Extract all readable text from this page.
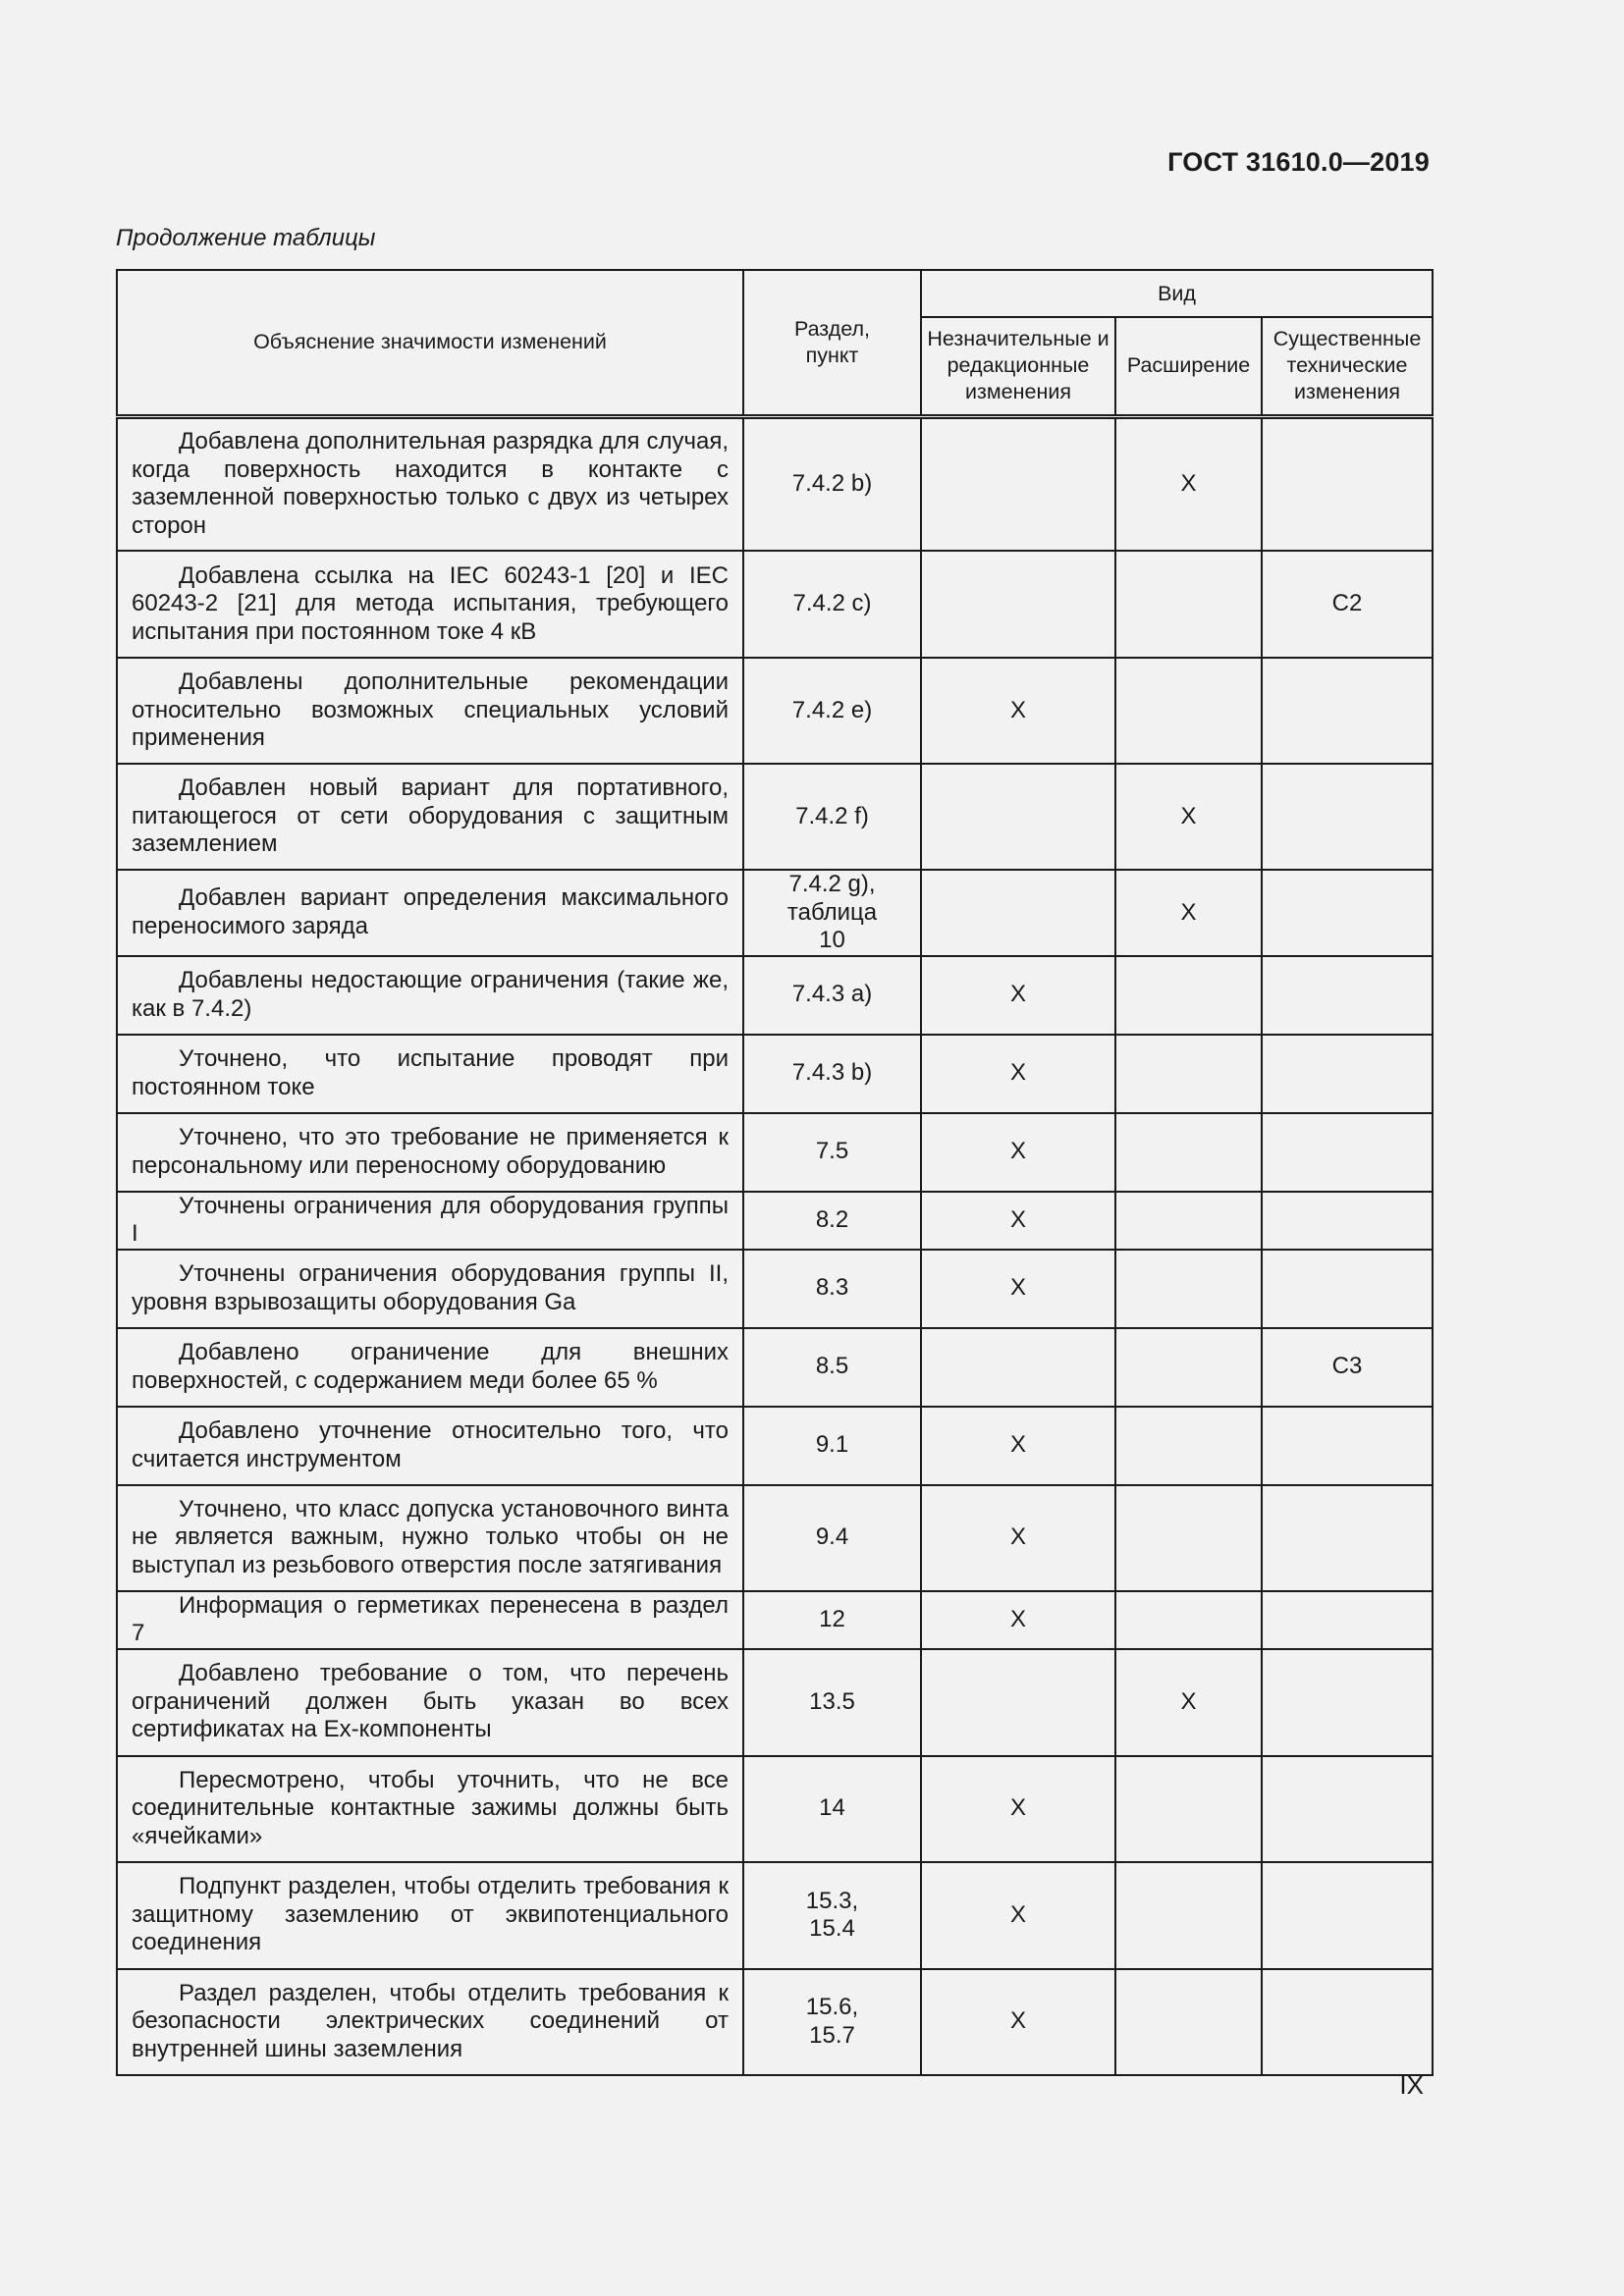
ГОСТ 31610.0—2019
Продолжение таблицы
Объяснение значимости изменений	Раздел, пункт	Вид		
		Незначительные и редакционные изменения	Расширение	Существенные технические изменения

Добавлена дополнительная разрядка для случая, когда поверхность находится в контакте с заземленной поверхностью только с двух из четырех сторон	7.4.2 b)		X	

Добавлена ссылка на IEC 60243-1 [20] и IEC 60243-2 [21] для метода испытания, требующего испытания при постоянном токе 4 кВ	7.4.2 c)			C2

Добавлены дополнительные рекомендации относительно возможных специальных условий применения	7.4.2 e)	X		

Добавлен новый вариант для портативного, питающегося от сети оборудования с защитным заземлением	7.4.2 f)		X	

Добавлен вариант определения максимального переносимого заряда	7.4.2 g), таблица 10		X	

Добавлены недостающие ограничения (такие же, как в 7.4.2)	7.4.3 a)	X		

Уточнено, что испытание проводят при постоянном токе	7.4.3 b)	X		

Уточнено, что это требование не применяется к персональному или переносному оборудованию	7.5	X		

Уточнены ограничения для оборудования группы I	8.2	X		

Уточнены ограничения оборудования группы II, уровня взрывозащиты оборудования Ga	8.3	X		

Добавлено ограничение для внешних поверхностей, с содержанием меди более 65 %	8.5			C3

Добавлено уточнение относительно того, что считается инструментом	9.1	X		

Уточнено, что класс допуска установочного винта не является важным, нужно только чтобы он не выступал из резьбового отверстия после затягивания	9.4	X		

Информация о герметиках перенесена в раздел 7	12	X		

Добавлено требование о том, что перечень ограничений должен быть указан во всех сертификатах на Ex-компоненты	13.5		X	

Пересмотрено, чтобы уточнить, что не все соединительные контактные зажимы должны быть «ячейками»	14	X		

Подпункт разделен, чтобы отделить требования к защитному заземлению от эквипотенциального соединения	15.3, 15.4	X		

Раздел разделен, чтобы отделить требования к безопасности электрических соединений от внутренней шины заземления	15.6, 15.7	X		
IX
